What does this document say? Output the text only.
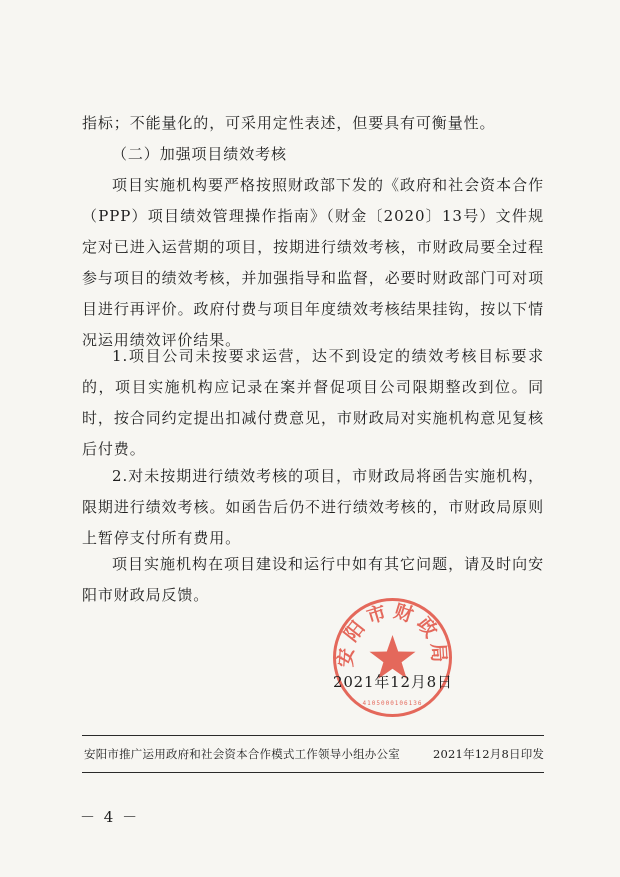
指标；不能量化的，可采用定性表述，但要具有可衡量性。

（二）加强项目绩效考核

项目实施机构要严格按照财政部下发的《政府和社会资本合作（PPP）项目绩效管理操作指南》（财金〔2020〕13号）文件规定对已进入运营期的项目，按期进行绩效考核，市财政局要全过程参与项目的绩效考核，并加强指导和监督，必要时财政部门可对项目进行再评价。政府付费与项目年度绩效考核结果挂钩，按以下情况运用绩效评价结果。

1.项目公司未按要求运营，达不到设定的绩效考核目标要求的，项目实施机构应记录在案并督促项目公司限期整改到位。同时，按合同约定提出扣减付费意见，市财政局对实施机构意见复核后付费。

2.对未按期进行绩效考核的项目，市财政局将函告实施机构，限期进行绩效考核。如函告后仍不进行绩效考核的，市财政局原则上暂停支付所有费用。

项目实施机构在项目建设和运行中如有其它问题，请及时向安阳市财政局反馈。

安阳市财政局
4105000106136
2021年12月8日
安阳市推广运用政府和社会资本合作模式工作领导小组办公室	2021年12月8日印发
－ 4 －
